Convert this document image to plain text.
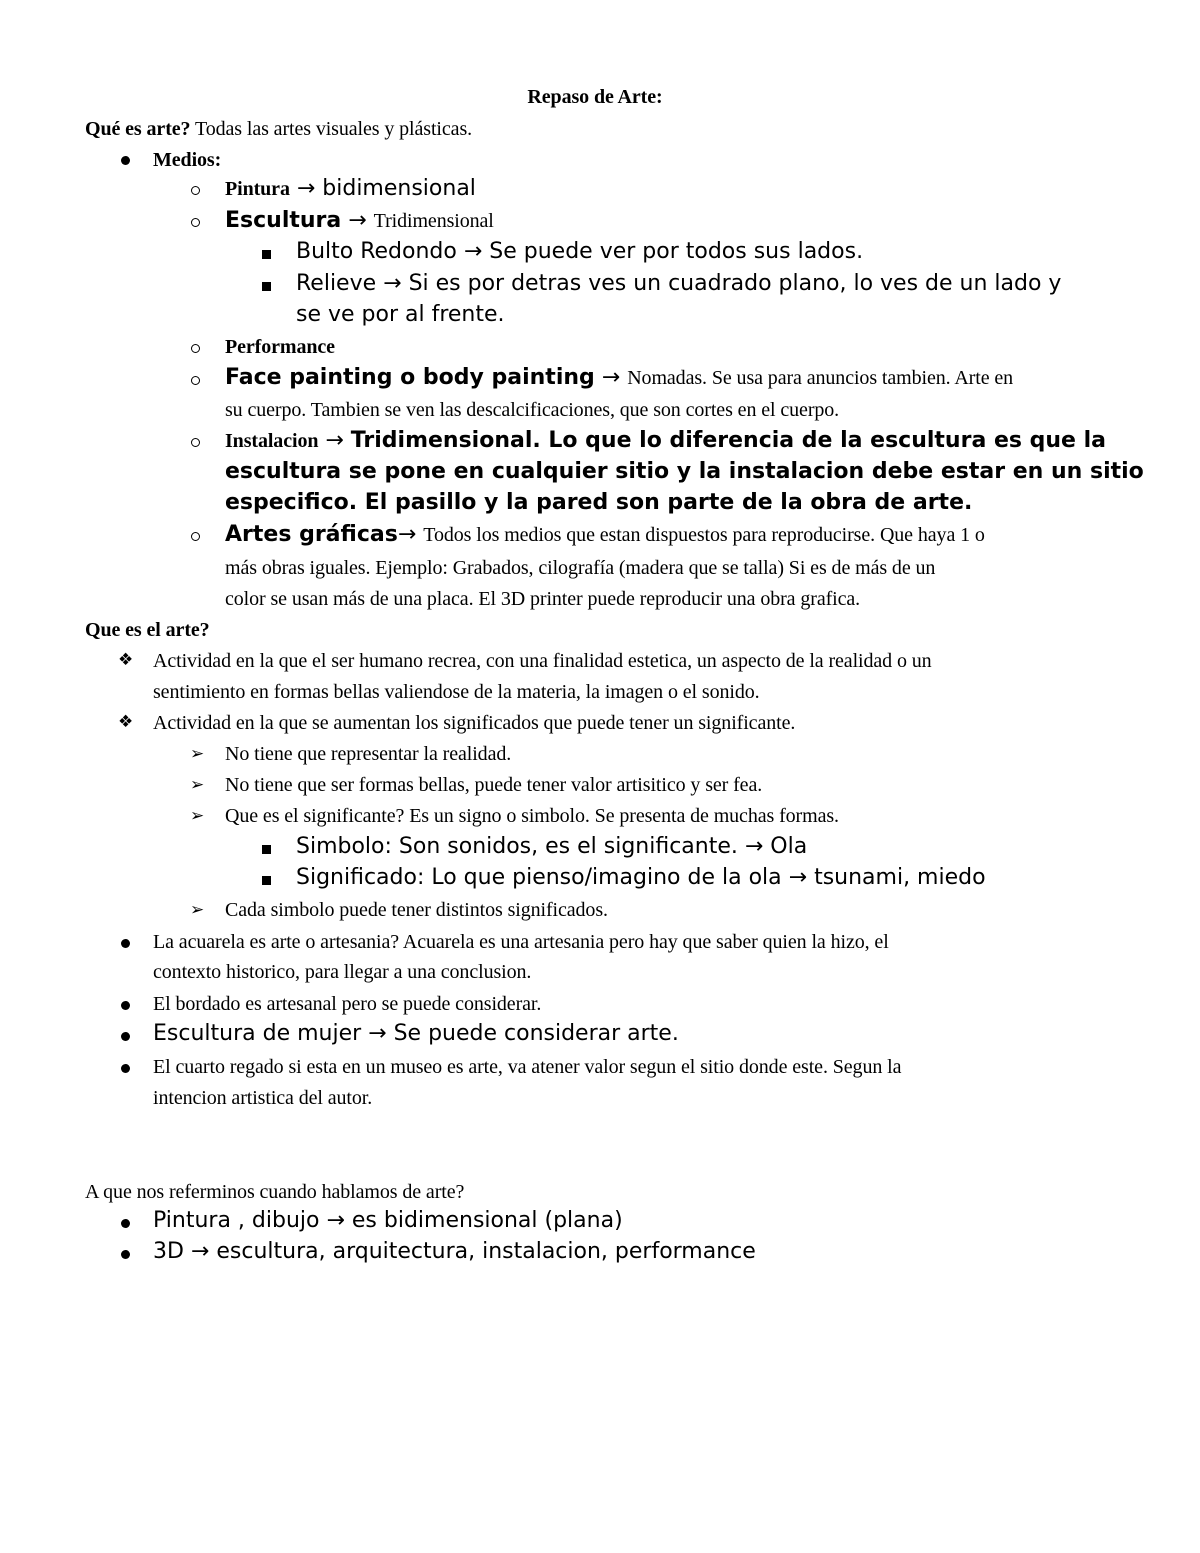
Repaso de Arte:
Qué es arte? Todas las artes visuales y plásticas.
Medios:
Pintura → bidimensional
Escultura → Tridimensional
Bulto Redondo → Se puede ver por todos sus lados.
Relieve → Si es por detras ves un cuadrado plano, lo ves de un lado y
se ve por al frente.
Performance
Face painting o body painting → Nomadas. Se usa para anuncios tambien. Arte en
su cuerpo. Tambien se ven las descalcificaciones, que son cortes en el cuerpo.
Instalacion → Tridimensional. Lo que lo diferencia de la escultura es que la
escultura se pone en cualquier sitio y la instalacion debe estar en un sitio
especifico. El pasillo y la pared son parte de la obra de arte.
Artes gráficas→ Todos los medios que estan dispuestos para reproducirse. Que haya 1 o
más obras iguales. Ejemplo: Grabados, cilografía (madera que se talla) Si es de más de un
color se usan más de una placa. El 3D printer puede reproducir una obra grafica.
Que es el arte?
❖ Actividad en la que el ser humano recrea, con una finalidad estetica, un aspecto de la realidad o un
sentimiento en formas bellas valiendose de la materia, la imagen o el sonido.
❖ Actividad en la que se aumentan los significados que puede tener un significante.
➢ No tiene que representar la realidad.
➢ No tiene que ser formas bellas, puede tener valor artisitico y ser fea.
➢ Que es el significante? Es un signo o simbolo. Se presenta de muchas formas.
Simbolo: Son sonidos, es el significante. → Ola
Significado: Lo que pienso/imagino de la ola → tsunami, miedo
➢ Cada simbolo puede tener distintos significados.
La acuarela es arte o artesania? Acuarela es una artesania pero hay que saber quien la hizo, el
contexto historico, para llegar a una conclusion.
El bordado es artesanal pero se puede considerar.
Escultura de mujer → Se puede considerar arte.
El cuarto regado si esta en un museo es arte, va atener valor segun el sitio donde este. Segun la
intencion artistica del autor.
A que nos referminos cuando hablamos de arte?
Pintura , dibujo → es bidimensional (plana)
3D → escultura, arquitectura, instalacion, performance
